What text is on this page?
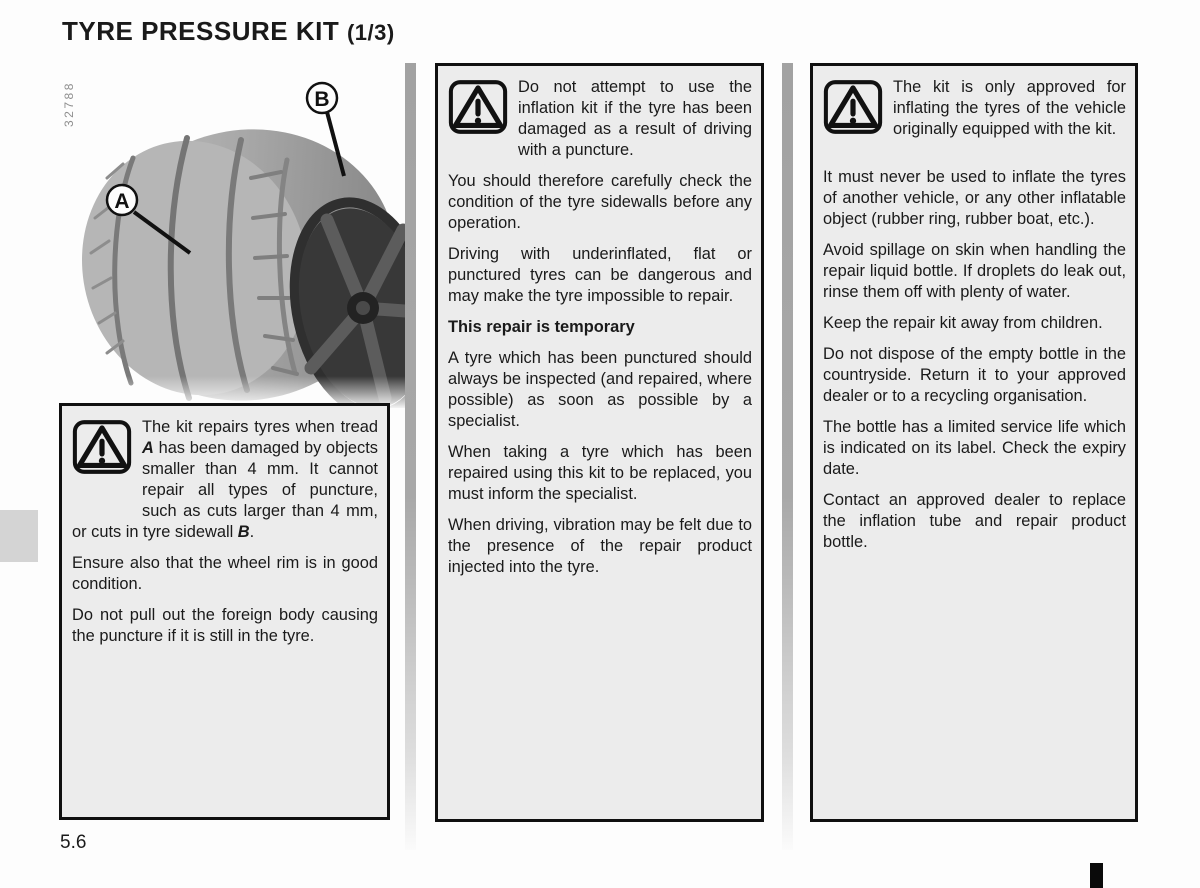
TYRE PRESSURE KIT (1/3)
32788	B
A

The kit repairs tyres when tread A has been damaged by objects smaller than 4 mm. It cannot repair all types of puncture, such as cuts larger than 4 mm, or cuts in tyre sidewall B.

Ensure also that the wheel rim is in good condition.

Do not pull out the foreign body causing the puncture if it is still in the tyre.

Do not attempt to use the inflation kit if the tyre has been damaged as a result of driving with a puncture.

You should therefore carefully check the condition of the tyre sidewalls before any operation.

Driving with underinflated, flat or punctured tyres can be dangerous and may make the tyre impossible to repair.

This repair is temporary

A tyre which has been punctured should always be inspected (and repaired, where possible) as soon as possible by a specialist.

When taking a tyre which has been repaired using this kit to be replaced, you must inform the specialist.

When driving, vibration may be felt due to the presence of the repair product injected into the tyre.

The kit is only approved for inflating the tyres of the vehicle originally equipped with the kit.

It must never be used to inflate the tyres of another vehicle, or any other inflatable object (rubber ring, rubber boat, etc.).

Avoid spillage on skin when handling the repair liquid bottle. If droplets do leak out, rinse them off with plenty of water.

Keep the repair kit away from children.

Do not dispose of the empty bottle in the countryside. Return it to your approved dealer or to a recycling organisation.

The bottle has a limited service life which is indicated on its label. Check the expiry date.

Contact an approved dealer to replace the inflation tube and repair product bottle.

5.6
